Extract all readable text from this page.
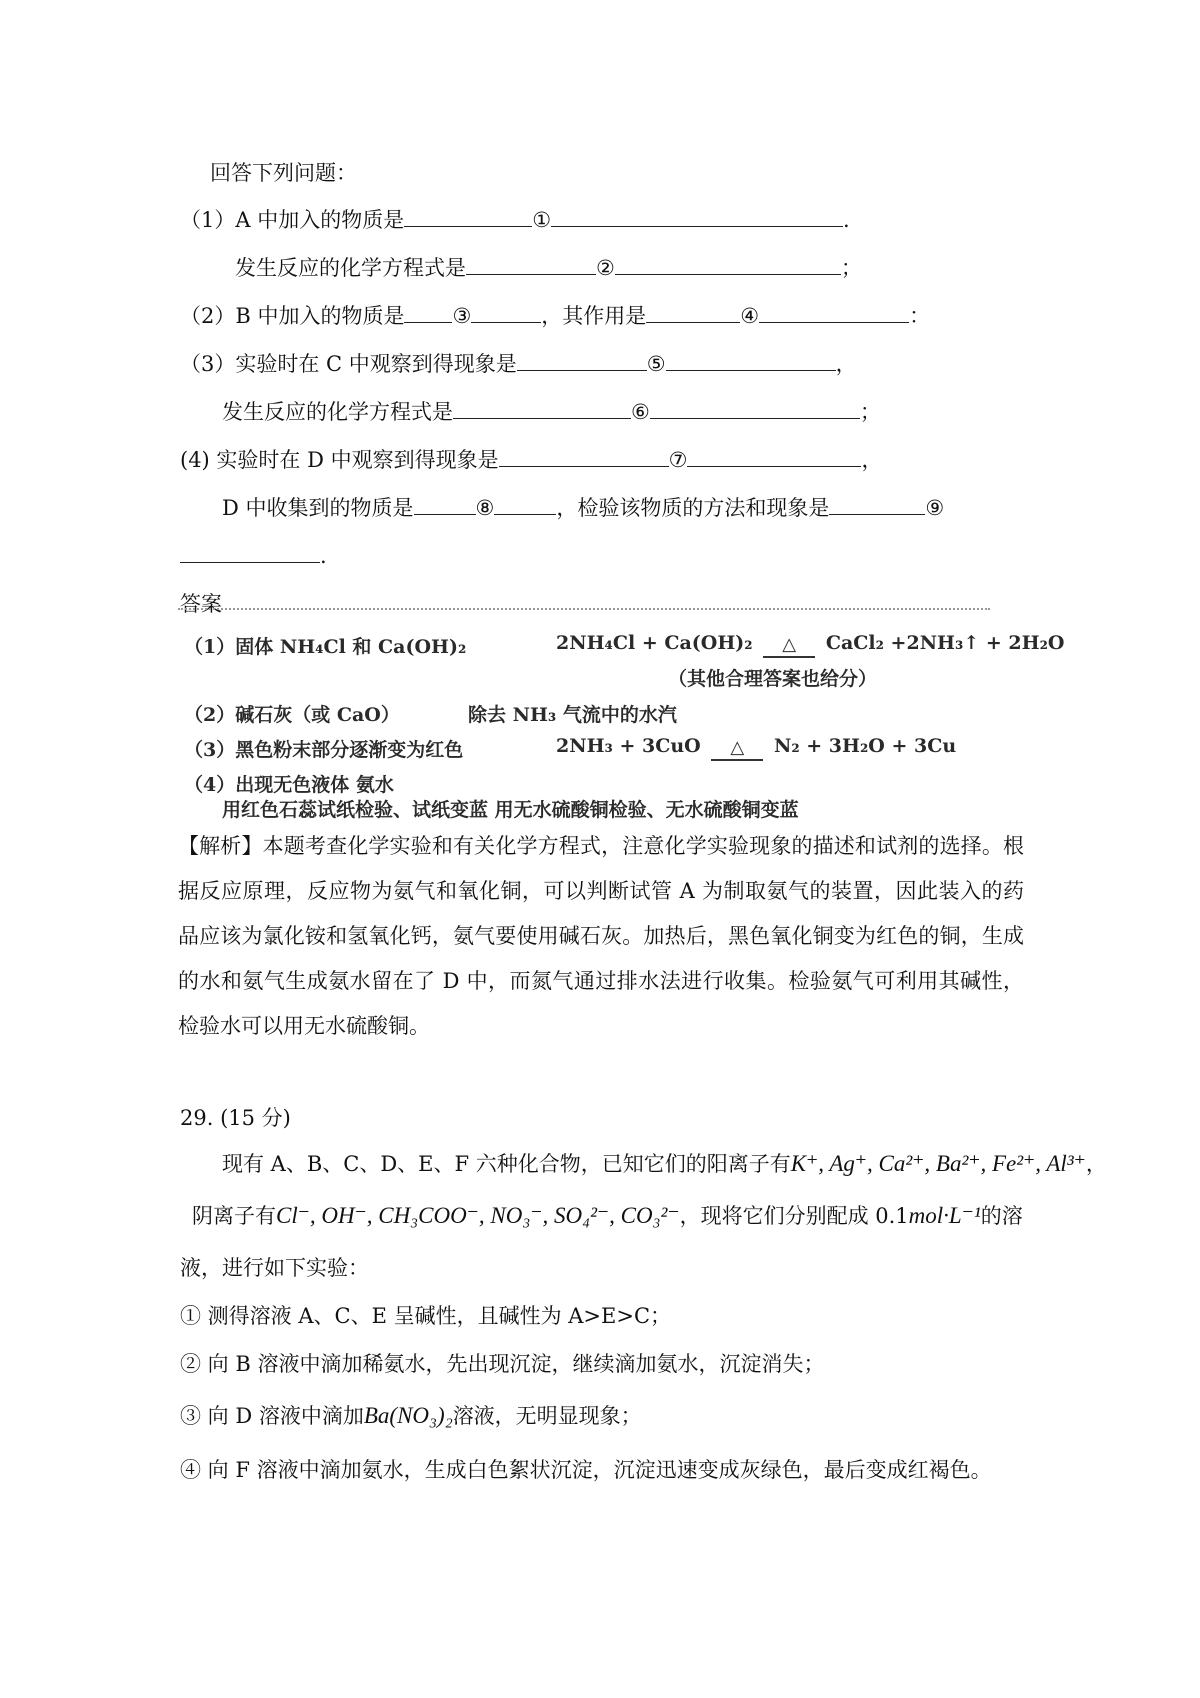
回答下列问题：
（1）A 中加入的物质是	①	.
发生反应的化学方程式是	②	；
（2）B 中加入的物质是 ③	，其作用是	④	：
（3）实验时在 C 中观察到得现象是	⑤	，
发生反应的化学方程式是	⑥	；
(4) 实验时在 D 中观察到得现象是	⑦	，
D 中收集到的物质是	⑧	，检验该物质的方法和现象是	⑨
.
答案
（1）固体 NH₄Cl 和 Ca(OH)₂	2NH₄Cl + Ca(OH)₂ △ CaCl₂ +2NH₃↑ + 2H₂O
（其他合理答案也给分）
（2）碱石灰（或 CaO）	除去 NH₃ 气流中的水汽
（3）黑色粉末部分逐渐变为红色	2NH₃ + 3CuO △ N₂ + 3H₂O + 3Cu
（4）出现无色液体 氨水
用红色石蕊试纸检验、试纸变蓝 用无水硫酸铜检验、无水硫酸铜变蓝
【解析】本题考查化学实验和有关化学方程式，注意化学实验现象的描述和试剂的选择。根据反应原理，反应物为氨气和氧化铜，可以判断试管 A 为制取氨气的装置，因此装入的药品应该为氯化铵和氢氧化钙，氨气要使用碱石灰。加热后，黑色氧化铜变为红色的铜，生成的水和氨气生成氨水留在了 D 中，而氮气通过排水法进行收集。检验氨气可利用其碱性，检验水可以用无水硫酸铜。
29. (15 分)
现有 A、B、C、D、E、F 六种化合物，已知它们的阳离子有K⁺, Ag⁺, Ca²⁺, Ba²⁺, Fe²⁺, Al³⁺，
阴离子有Cl⁻, OH⁻, CH₃COO⁻, NO₃⁻, SO₄²⁻, CO₃²⁻，现将它们分别配成 0.1mol·L⁻¹的溶
液，进行如下实验：
① 测得溶液 A、C、E 呈碱性，且碱性为 A>E>C；
② 向 B 溶液中滴加稀氨水，先出现沉淀，继续滴加氨水，沉淀消失；
③ 向 D 溶液中滴加Ba(NO₃)₂溶液，无明显现象；
④ 向 F 溶液中滴加氨水，生成白色絮状沉淀，沉淀迅速变成灰绿色，最后变成红褐色。
